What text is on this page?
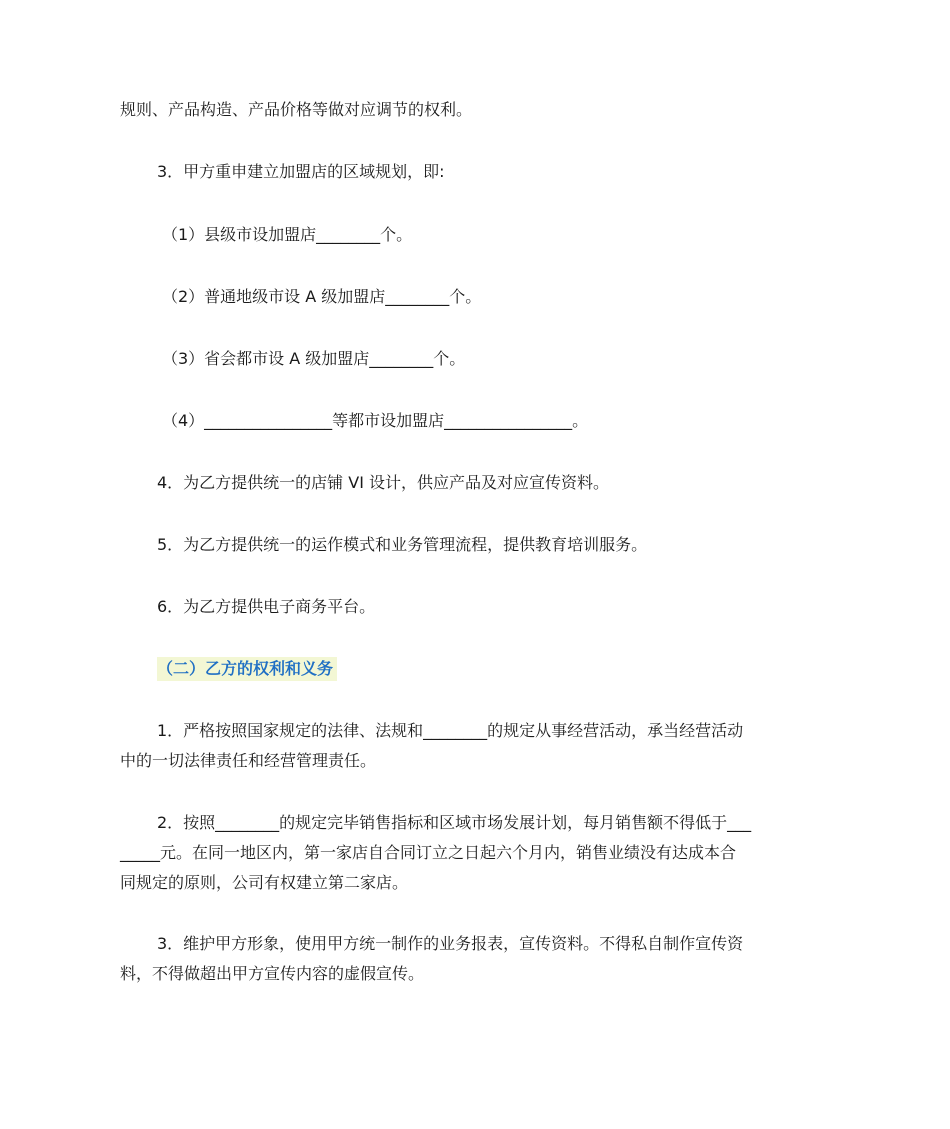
规则、产品构造、产品价格等做对应调节的权利。
3．甲方重申建立加盟店的区域规划，即:
（1）县级市设加盟店________个。
（2）普通地级市设 A 级加盟店________个。
（3）省会都市设 A 级加盟店________个。
（4）________________等都市设加盟店________________。
4．为乙方提供统一的店铺 VI 设计，供应产品及对应宣传资料。
5．为乙方提供统一的运作模式和业务管理流程，提供教育培训服务。
6．为乙方提供电子商务平台。
（二）乙方的权利和义务
1．严格按照国家规定的法律、法规和________的规定从事经营活动，承当经营活动
中的一切法律责任和经营管理责任。
2．按照________的规定完毕销售指标和区域市场发展计划，每月销售额不得低于___
_____元。在同一地区内，第一家店自合同订立之日起六个月内，销售业绩没有达成本合
同规定的原则，公司有权建立第二家店。
3．维护甲方形象，使用甲方统一制作的业务报表，宣传资料。不得私自制作宣传资
料，不得做超出甲方宣传内容的虚假宣传。
